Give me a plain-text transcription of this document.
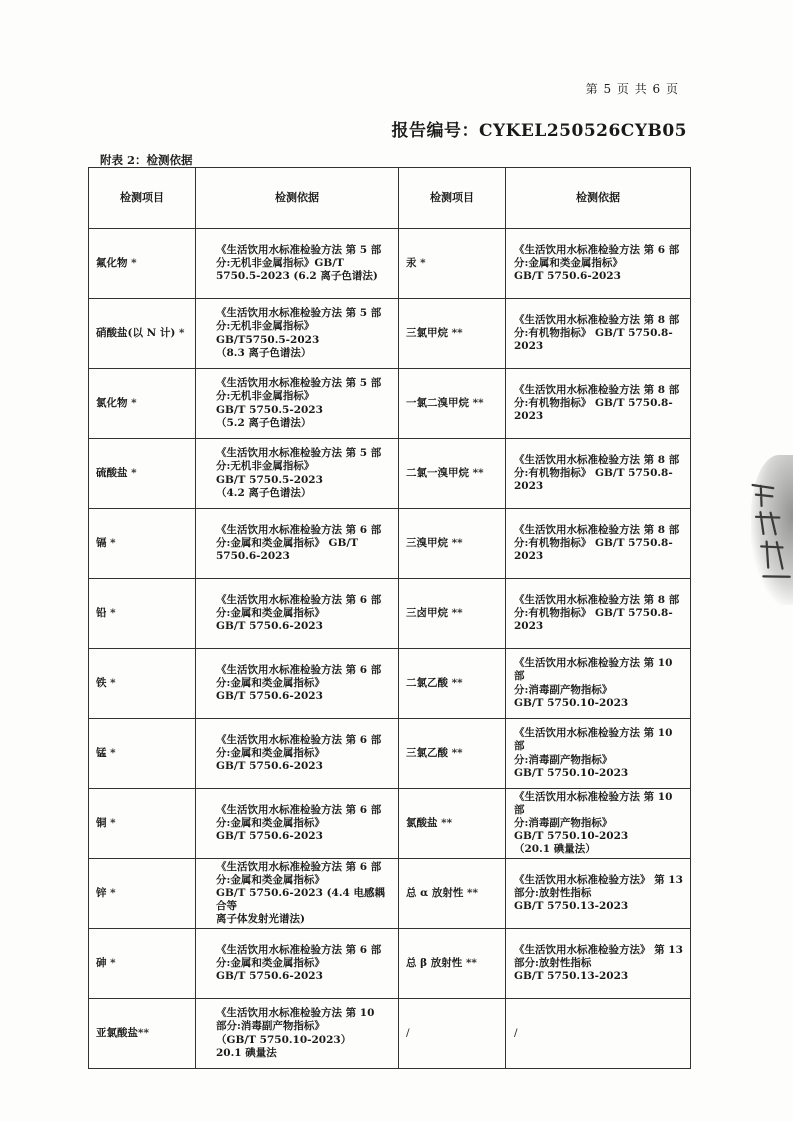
第 5 页 共 6 页
报告编号：CYKEL250526CYB05
附表 2：检测依据
检测项目	检测依据	检测项目	检测依据
氟化物 *	《生活饮用水标准检验方法 第 5 部
分:无机非金属指标》GB/T
5750.5-2023 (6.2 离子色谱法)	汞 *	《生活饮用水标准检验方法 第 6 部
分:金属和类金属指标》
GB/T 5750.6-2023
硝酸盐(以 N 计) *	《生活饮用水标准检验方法 第 5 部
分:无机非金属指标》
GB/T5750.5-2023
（8.3 离子色谱法）	三氯甲烷 **	《生活饮用水标准检验方法 第 8 部
分:有机物指标》 GB/T 5750.8-2023
氯化物 *	《生活饮用水标准检验方法 第 5 部
分:无机非金属指标》
GB/T 5750.5-2023
（5.2 离子色谱法）	一氯二溴甲烷 **	《生活饮用水标准检验方法 第 8 部
分:有机物指标》 GB/T 5750.8-2023
硫酸盐 *	《生活饮用水标准检验方法 第 5 部
分:无机非金属指标》
GB/T 5750.5-2023
（4.2 离子色谱法）	二氯一溴甲烷 **	《生活饮用水标准检验方法 第 8 部
分:有机物指标》 GB/T 5750.8-2023
镉 *	《生活饮用水标准检验方法 第 6 部
分:金属和类金属指标》 GB/T
5750.6-2023	三溴甲烷 **	《生活饮用水标准检验方法 第 8 部
分:有机物指标》 GB/T 5750.8-2023
铅 *	《生活饮用水标准检验方法 第 6 部
分:金属和类金属指标》
GB/T 5750.6-2023	三卤甲烷 **	《生活饮用水标准检验方法 第 8 部
分:有机物指标》 GB/T 5750.8-2023
铁 *	《生活饮用水标准检验方法 第 6 部
分:金属和类金属指标》
GB/T 5750.6-2023	二氯乙酸 **	《生活饮用水标准检验方法 第 10 部
分:消毒副产物指标》
GB/T 5750.10-2023
锰 *	《生活饮用水标准检验方法 第 6 部
分:金属和类金属指标》
GB/T 5750.6-2023	三氯乙酸 **	《生活饮用水标准检验方法 第 10 部
分:消毒副产物指标》
GB/T 5750.10-2023
铜 *	《生活饮用水标准检验方法 第 6 部
分:金属和类金属指标》
GB/T 5750.6-2023	氯酸盐 **	《生活饮用水标准检验方法 第 10 部
分:消毒副产物指标》
GB/T 5750.10-2023
（20.1 碘量法）
锌 *	《生活饮用水标准检验方法 第 6 部
分:金属和类金属指标》
GB/T 5750.6-2023 (4.4 电感耦合等
离子体发射光谱法)	总 α 放射性 **	《生活饮用水标准检验方法》 第 13
部分:放射性指标
GB/T 5750.13-2023
砷 *	《生活饮用水标准检验方法 第 6 部
分:金属和类金属指标》
GB/T 5750.6-2023	总 β 放射性 **	《生活饮用水标准检验方法》 第 13
部分:放射性指标
GB/T 5750.13-2023
亚氯酸盐**	《生活饮用水标准检验方法 第 10
部分:消毒副产物指标》
（GB/T 5750.10-2023）
20.1 碘量法	/	/
